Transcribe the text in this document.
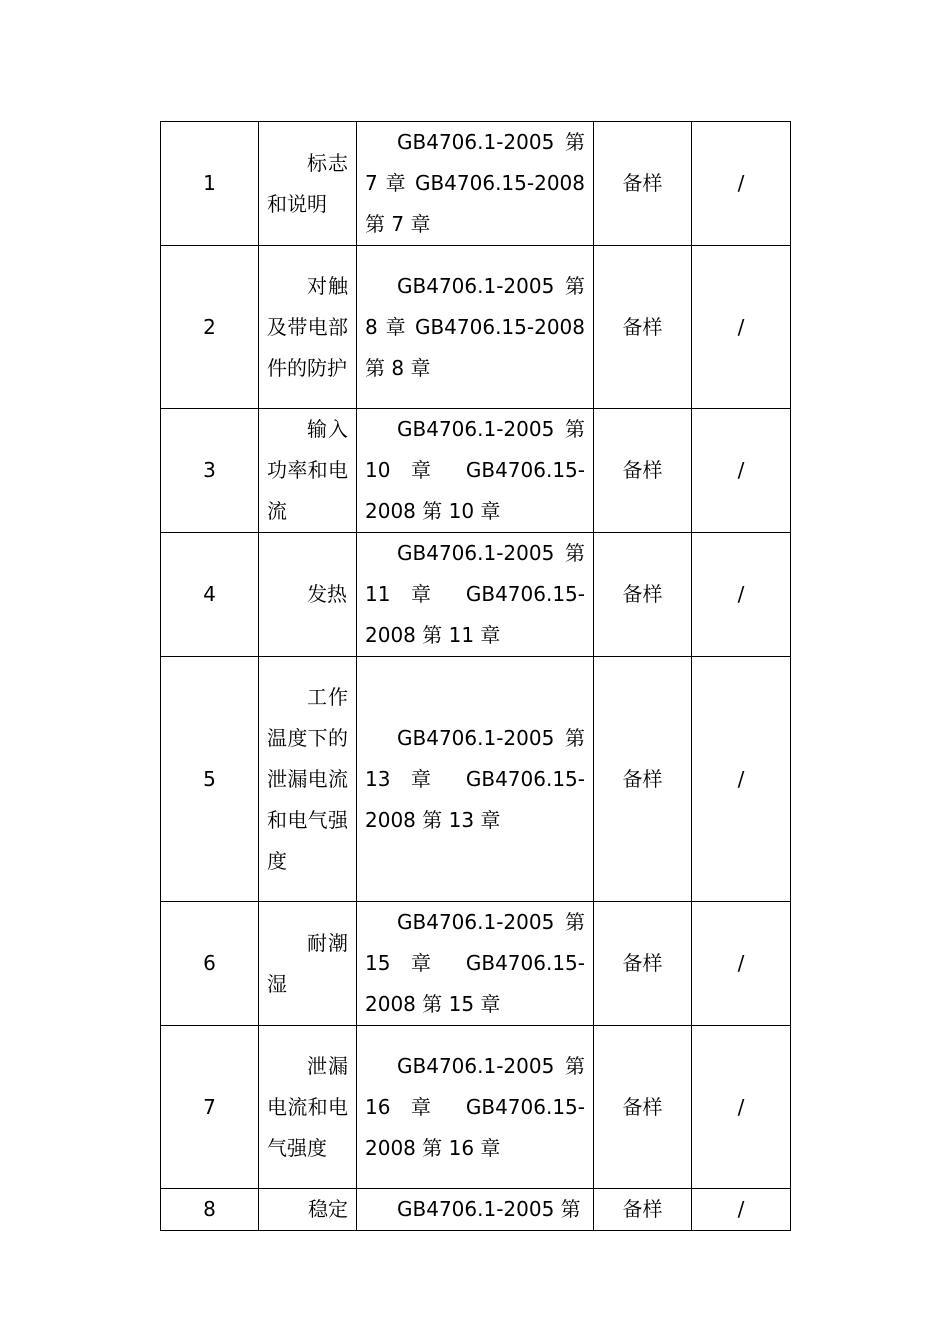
1	标志和说明	GB4706.1-2005 第 7 章 GB4706.15-2008 第 7 章	备样	/
2	对触及带电部件的防护	GB4706.1-2005 第 8 章 GB4706.15-2008 第 8 章	备样	/
3	输入功率和电流	GB4706.1-2005 第 10 章 GB4706.15-2008 第 10 章	备样	/
4	发热	GB4706.1-2005 第 11 章 GB4706.15-2008 第 11 章	备样	/
5	工作温度下的泄漏电流和电气强度	GB4706.1-2005 第 13 章 GB4706.15-2008 第 13 章	备样	/
6	耐潮湿	GB4706.1-2005 第 15 章 GB4706.15-2008 第 15 章	备样	/
7	泄漏电流和电气强度	GB4706.1-2005 第 16 章 GB4706.15-2008 第 16 章	备样	/
8	稳定	GB4706.1-2005 第	备样	/
